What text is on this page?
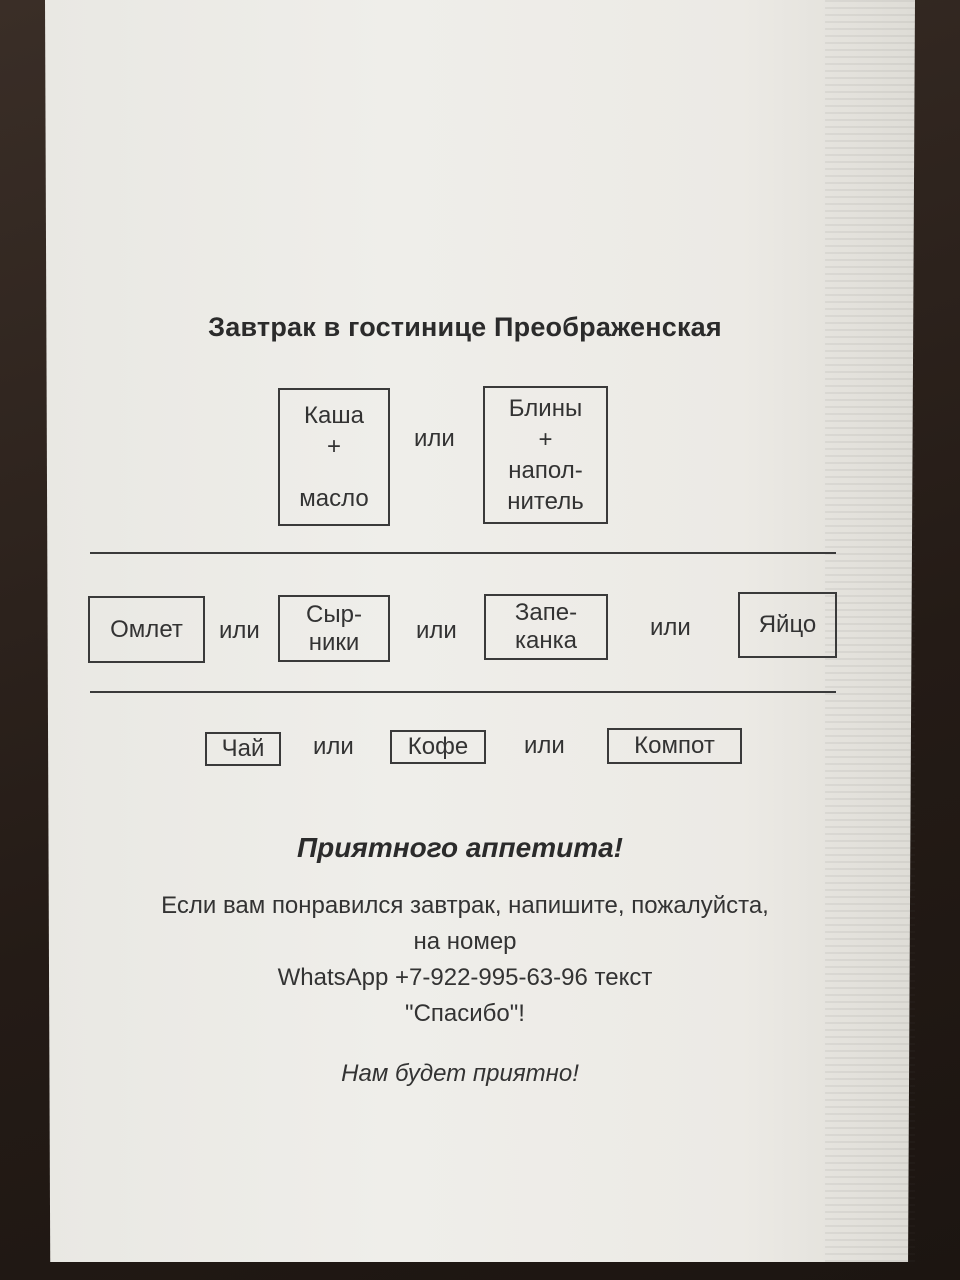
Завтрак в гостинице Преображенская
Каша
+
масло
или
Блины
+
напол-
нитель
Омлет или
Сыр-
ники или
Запе-
канка	или	Яйцо
Чай или Кофе или	Компот
Приятного аппетита!
Если вам понравился завтрак, напишите, пожалуйста,
на номер
WhatsApp +7-922-995-63-96 текст
"Спасибо"!
Нам будет приятно!
